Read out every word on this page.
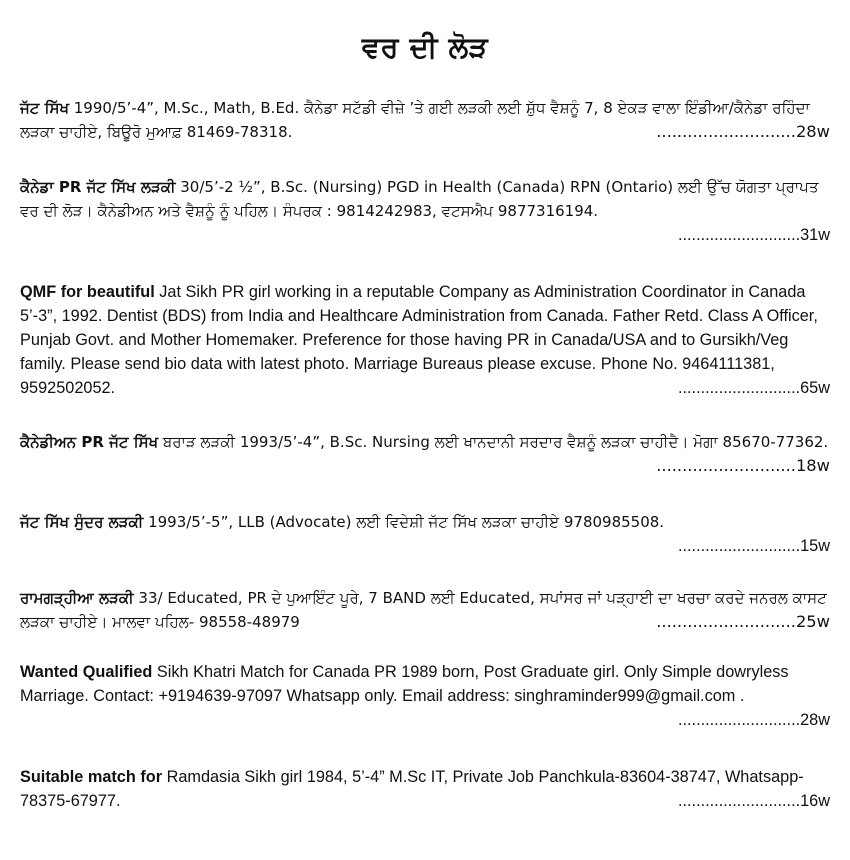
ਵਰ ਦੀ ਲੋੜ

ਜੱਟ ਸਿੱਖ 1990/5’-4”, M.Sc., Math, B.Ed. ਕੈਨੇਡਾ ਸਟੱਡੀ ਵੀਜ਼ੇ ’ਤੇ ਗਈ ਲੜਕੀ ਲਈ ਸ਼ੁੱਧ ਵੈਸ਼ਨੂੰ 7, 8 ਏਕੜ ਵਾਲਾ ਇੰਡੀਆ/ਕੈਨੇਡਾ ਰਹਿੰਦਾ ਲੜਕਾ ਚਾਹੀਏ, ਬਿਊਰੋ ਮੁਆਫ਼ 81469-78318.	...........................28w

ਕੈਨੇਡਾ PR ਜੱਟ ਸਿੱਖ ਲੜਕੀ 30/5’-2 ½”, B.Sc. (Nursing) PGD in Health (Canada) RPN (Ontario) ਲਈ ਉੱਚ ਯੋਗਤਾ ਪ੍ਰਾਪਤ ਵਰ ਦੀ ਲੋੜ। ਕੈਨੇਡੀਅਨ ਅਤੇ ਵੈਸ਼ਨੂੰ ਨੂੰ ਪਹਿਲ। ਸੰਪਰਕ : 9814242983, ਵਟਸਐਪ 9877316194.

...........................31w

QMF for beautiful Jat Sikh PR girl working in a reputable Company as Administration Coordinator in Canada 5’-3”, 1992. Dentist (BDS) from India and Healthcare Administration from Canada. Father Retd. Class A Officer, Punjab Govt. and Mother Homemaker. Preference for those having PR in Canada/USA and to Gursikh/Veg family. Please send bio data with latest photo. Marriage Bureaus please excuse. Phone No. 9464111381, 9592502052.	...........................65w

ਕੈਨੇਡੀਅਨ PR ਜੱਟ ਸਿੱਖ ਬਰਾੜ ਲੜਕੀ 1993/5’-4”, B.Sc. Nursing ਲਈ ਖਾਨਦਾਨੀ ਸਰਦਾਰ ਵੈਸ਼ਨੂੰ ਲੜਕਾ ਚਾਹੀਦੈ। ਮੋਗਾ 85670-77362.
...........................18w

ਜੱਟ ਸਿੱਖ ਸੁੰਦਰ ਲੜਕੀ 1993/5’-5”, LLB (Advocate) ਲਈ ਵਿਦੇਸ਼ੀ ਜੱਟ ਸਿੱਖ ਲੜਕਾ ਚਾਹੀਏ 9780985508.

...........................15w

ਰਾਮਗੜ੍ਹੀਆ ਲੜਕੀ 33/ Educated, PR ਦੇ ਪੁਆਇੰਟ ਪੂਰੇ, 7 BAND ਲਈ Educated, ਸਪਾਂਸਰ ਜਾਂ ਪੜ੍ਹਾਈ ਦਾ ਖਰਚਾ ਕਰਦੇ ਜਨਰਲ ਕਾਸਟ ਲੜਕਾ ਚਾਹੀਏ। ਮਾਲਵਾ ਪਹਿਲ- 98558-48979	...........................25w

Wanted Qualified Sikh Khatri Match for Canada PR 1989 born, Post Graduate girl. Only Simple dowryless Marriage. Contact: +9194639-97097 Whatsapp only. Email address: singhraminder999@gmail.com .
...........................28w

Suitable match for Ramdasia Sikh girl 1984, 5’-4” M.Sc IT, Private Job Panchkula-83604-38747, Whatsapp-78375-67977.	...........................16w
